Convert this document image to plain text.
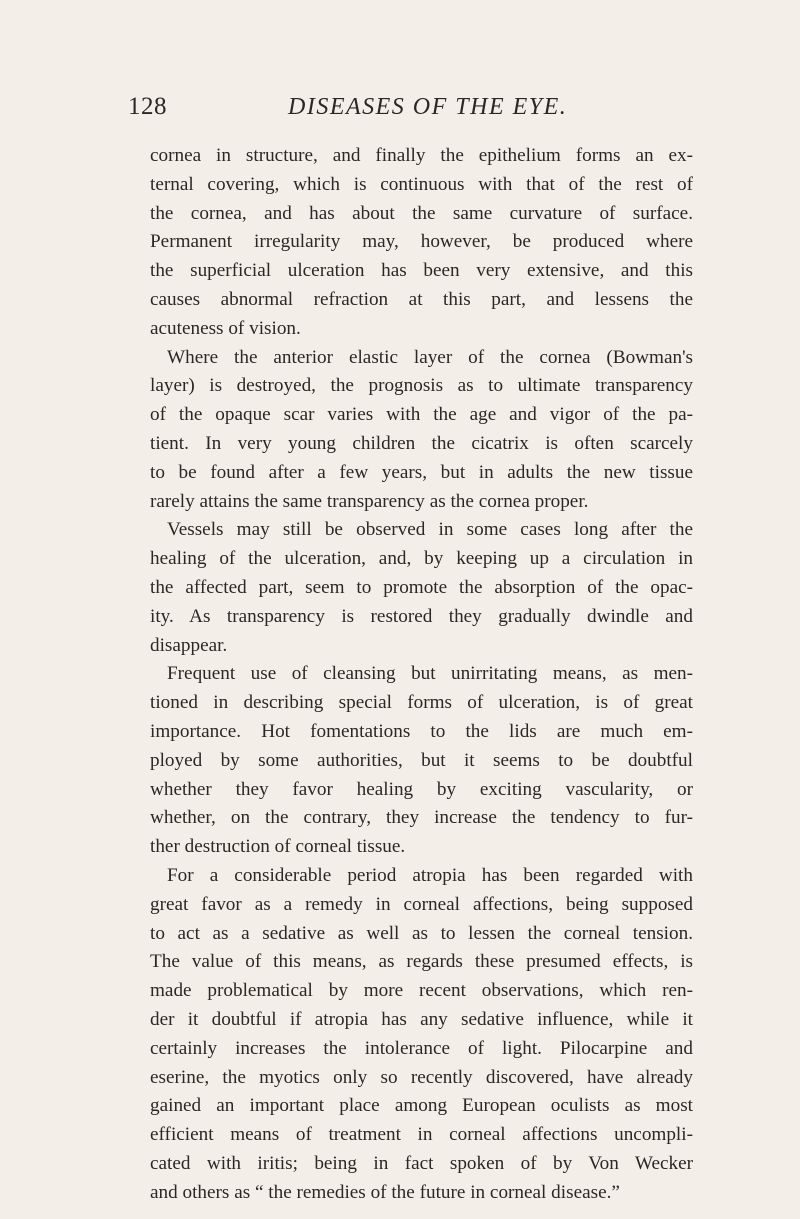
128	DISEASES OF THE EYE.
cornea in structure, and finally the epithelium forms an ex-
ternal covering, which is continuous with that of the rest of
the cornea, and has about the same curvature of surface.
Permanent irregularity may, however, be produced where
the superficial ulceration has been very extensive, and this
causes abnormal refraction at this part, and lessens the
acuteness of vision.
Where the anterior elastic layer of the cornea (Bowman's
layer) is destroyed, the prognosis as to ultimate transparency
of the opaque scar varies with the age and vigor of the pa-
tient. In very young children the cicatrix is often scarcely
to be found after a few years, but in adults the new tissue
rarely attains the same transparency as the cornea proper.
Vessels may still be observed in some cases long after the
healing of the ulceration, and, by keeping up a circulation in
the affected part, seem to promote the absorption of the opac-
ity. As transparency is restored they gradually dwindle and
disappear.
Frequent use of cleansing but unirritating means, as men-
tioned in describing special forms of ulceration, is of great
importance. Hot fomentations to the lids are much em-
ployed by some authorities, but it seems to be doubtful
whether they favor healing by exciting vascularity, or
whether, on the contrary, they increase the tendency to fur-
ther destruction of corneal tissue.
For a considerable period atropia has been regarded with
great favor as a remedy in corneal affections, being supposed
to act as a sedative as well as to lessen the corneal tension.
The value of this means, as regards these presumed effects, is
made problematical by more recent observations, which ren-
der it doubtful if atropia has any sedative influence, while it
certainly increases the intolerance of light. Pilocarpine and
eserine, the myotics only so recently discovered, have already
gained an important place among European oculists as most
efficient means of treatment in corneal affections uncompli-
cated with iritis; being in fact spoken of by Von Wecker
and others as “ the remedies of the future in corneal disease.”
